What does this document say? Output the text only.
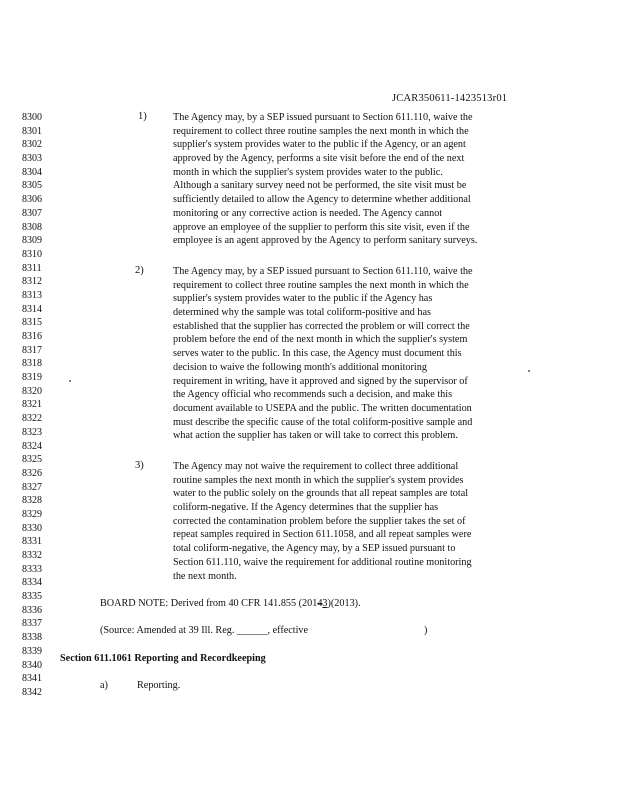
JCAR350611-1423513r01
8300
8301
8302
8303
8304
8305
8306
8307
8308
8309
8310
8311
8312
8313
8314
8315
8316
8317
8318
8319
8320
8321
8322
8323
8324
8325
8326
8327
8328
8329
8330
8331
8332
8333
8334
8335
8336
8337
8338
8339
8340
8341
8342
1)	The Agency may, by a SEP issued pursuant to Section 611.110, waive the
requirement to collect three routine samples the next month in which the
supplier's system provides water to the public if the Agency, or an agent
approved by the Agency, performs a site visit before the end of the next
month in which the supplier's system provides water to the public.
Although a sanitary survey need not be performed, the site visit must be
sufficiently detailed to allow the Agency to determine whether additional
monitoring or any corrective action is needed. The Agency cannot
approve an employee of the supplier to perform this site visit, even if the
employee is an agent approved by the Agency to perform sanitary surveys.
2)	The Agency may, by a SEP issued pursuant to Section 611.110, waive the
requirement to collect three routine samples the next month in which the
supplier's system provides water to the public if the Agency has
determined why the sample was total coliform-positive and has
established that the supplier has corrected the problem or will correct the
problem before the end of the next month in which the supplier's system
serves water to the public. In this case, the Agency must document this
decision to waive the following month's additional monitoring
requirement in writing, have it approved and signed by the supervisor of
the Agency official who recommends such a decision, and make this
document available to USEPA and the public. The written documentation
must describe the specific cause of the total coliform-positive sample and
what action the supplier has taken or will take to correct this problem.
3)	The Agency may not waive the requirement to collect three additional
routine samples the next month in which the supplier's system provides
water to the public solely on the grounds that all repeat samples are total
coliform-negative. If the Agency determines that the supplier has
corrected the contamination problem before the supplier takes the set of
repeat samples required in Section 611.1058, and all repeat samples were
total coliform-negative, the Agency may, by a SEP issued pursuant to
Section 611.110, waive the requirement for additional routine monitoring
the next month.
BOARD NOTE: Derived from 40 CFR 141.855 (20143)(2013).
(Source: Amended at 39 Ill. Reg. ______, effective	)
Section 611.1061 Reporting and Recordkeeping
a)	Reporting.
